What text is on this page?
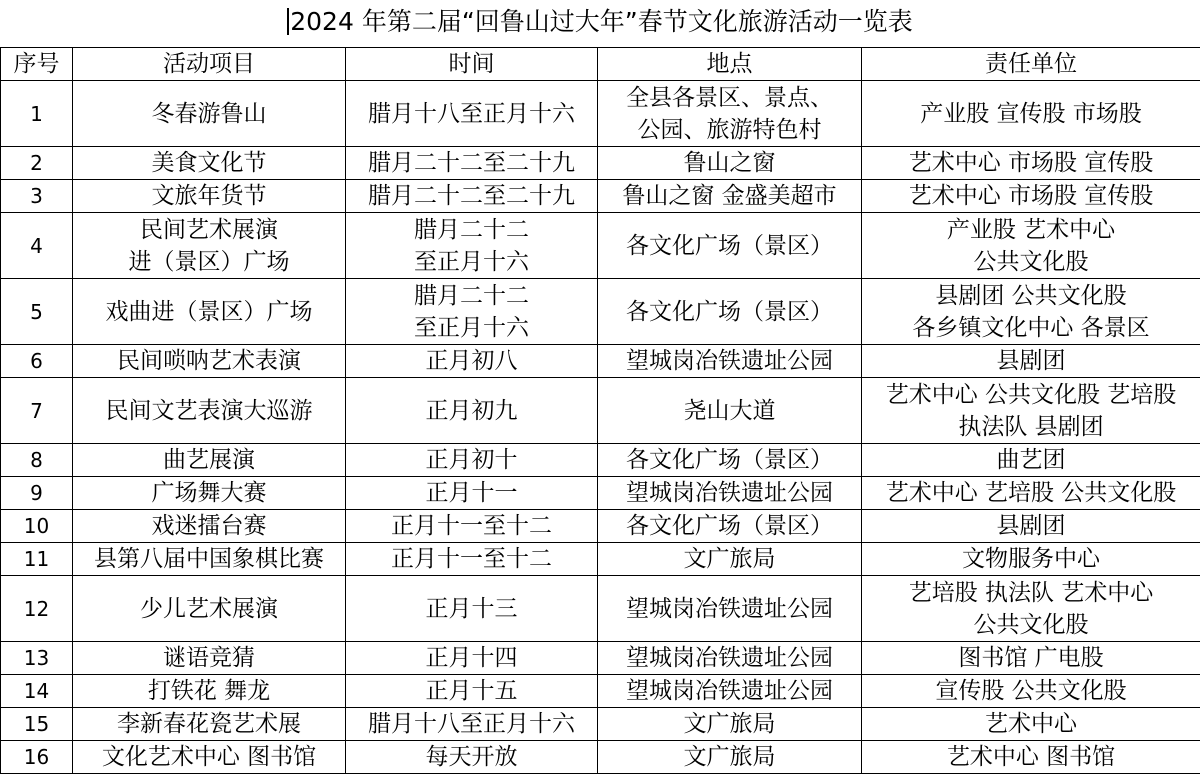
2024 年第二届“回鲁山过大年”春节文化旅游活动一览表
序号	活动项目	时间	地点	责任单位
1	冬春游鲁山	腊月十八至正月十六	全县各景区、景点、
公园、旅游特色村	产业股 宣传股 市场股

2	美食文化节	腊月二十二至二十九	鲁山之窗	艺术中心 市场股 宣传股

3	文旅年货节	腊月二十二至二十九	鲁山之窗 金盛美超市	艺术中心 市场股 宣传股

4	民间艺术展演
进（景区）广场	腊月二十二
至正月十六	各文化广场（景区）	产业股 艺术中心
公共文化股

5	戏曲进（景区）广场	腊月二十二
至正月十六	各文化广场（景区）	县剧团 公共文化股
各乡镇文化中心 各景区

6	民间唢呐艺术表演	正月初八	望城岗冶铁遗址公园	县剧团

7	民间文艺表演大巡游	正月初九	尧山大道	艺术中心 公共文化股 艺培股
执法队 县剧团

8	曲艺展演	正月初十	各文化广场（景区）	曲艺团

9	广场舞大赛	正月十一	望城岗冶铁遗址公园	艺术中心 艺培股 公共文化股

10	戏迷擂台赛	正月十一至十二	各文化广场（景区）	县剧团

11	县第八届中国象棋比赛	正月十一至十二	文广旅局	文物服务中心

12	少儿艺术展演	正月十三	望城岗冶铁遗址公园	艺培股 执法队 艺术中心
公共文化股

13	谜语竞猜	正月十四	望城岗冶铁遗址公园	图书馆 广电股

14	打铁花 舞龙	正月十五	望城岗冶铁遗址公园	宣传股 公共文化股

15	李新春花瓷艺术展	腊月十八至正月十六	文广旅局	艺术中心

16	文化艺术中心 图书馆	每天开放	文广旅局	艺术中心 图书馆
